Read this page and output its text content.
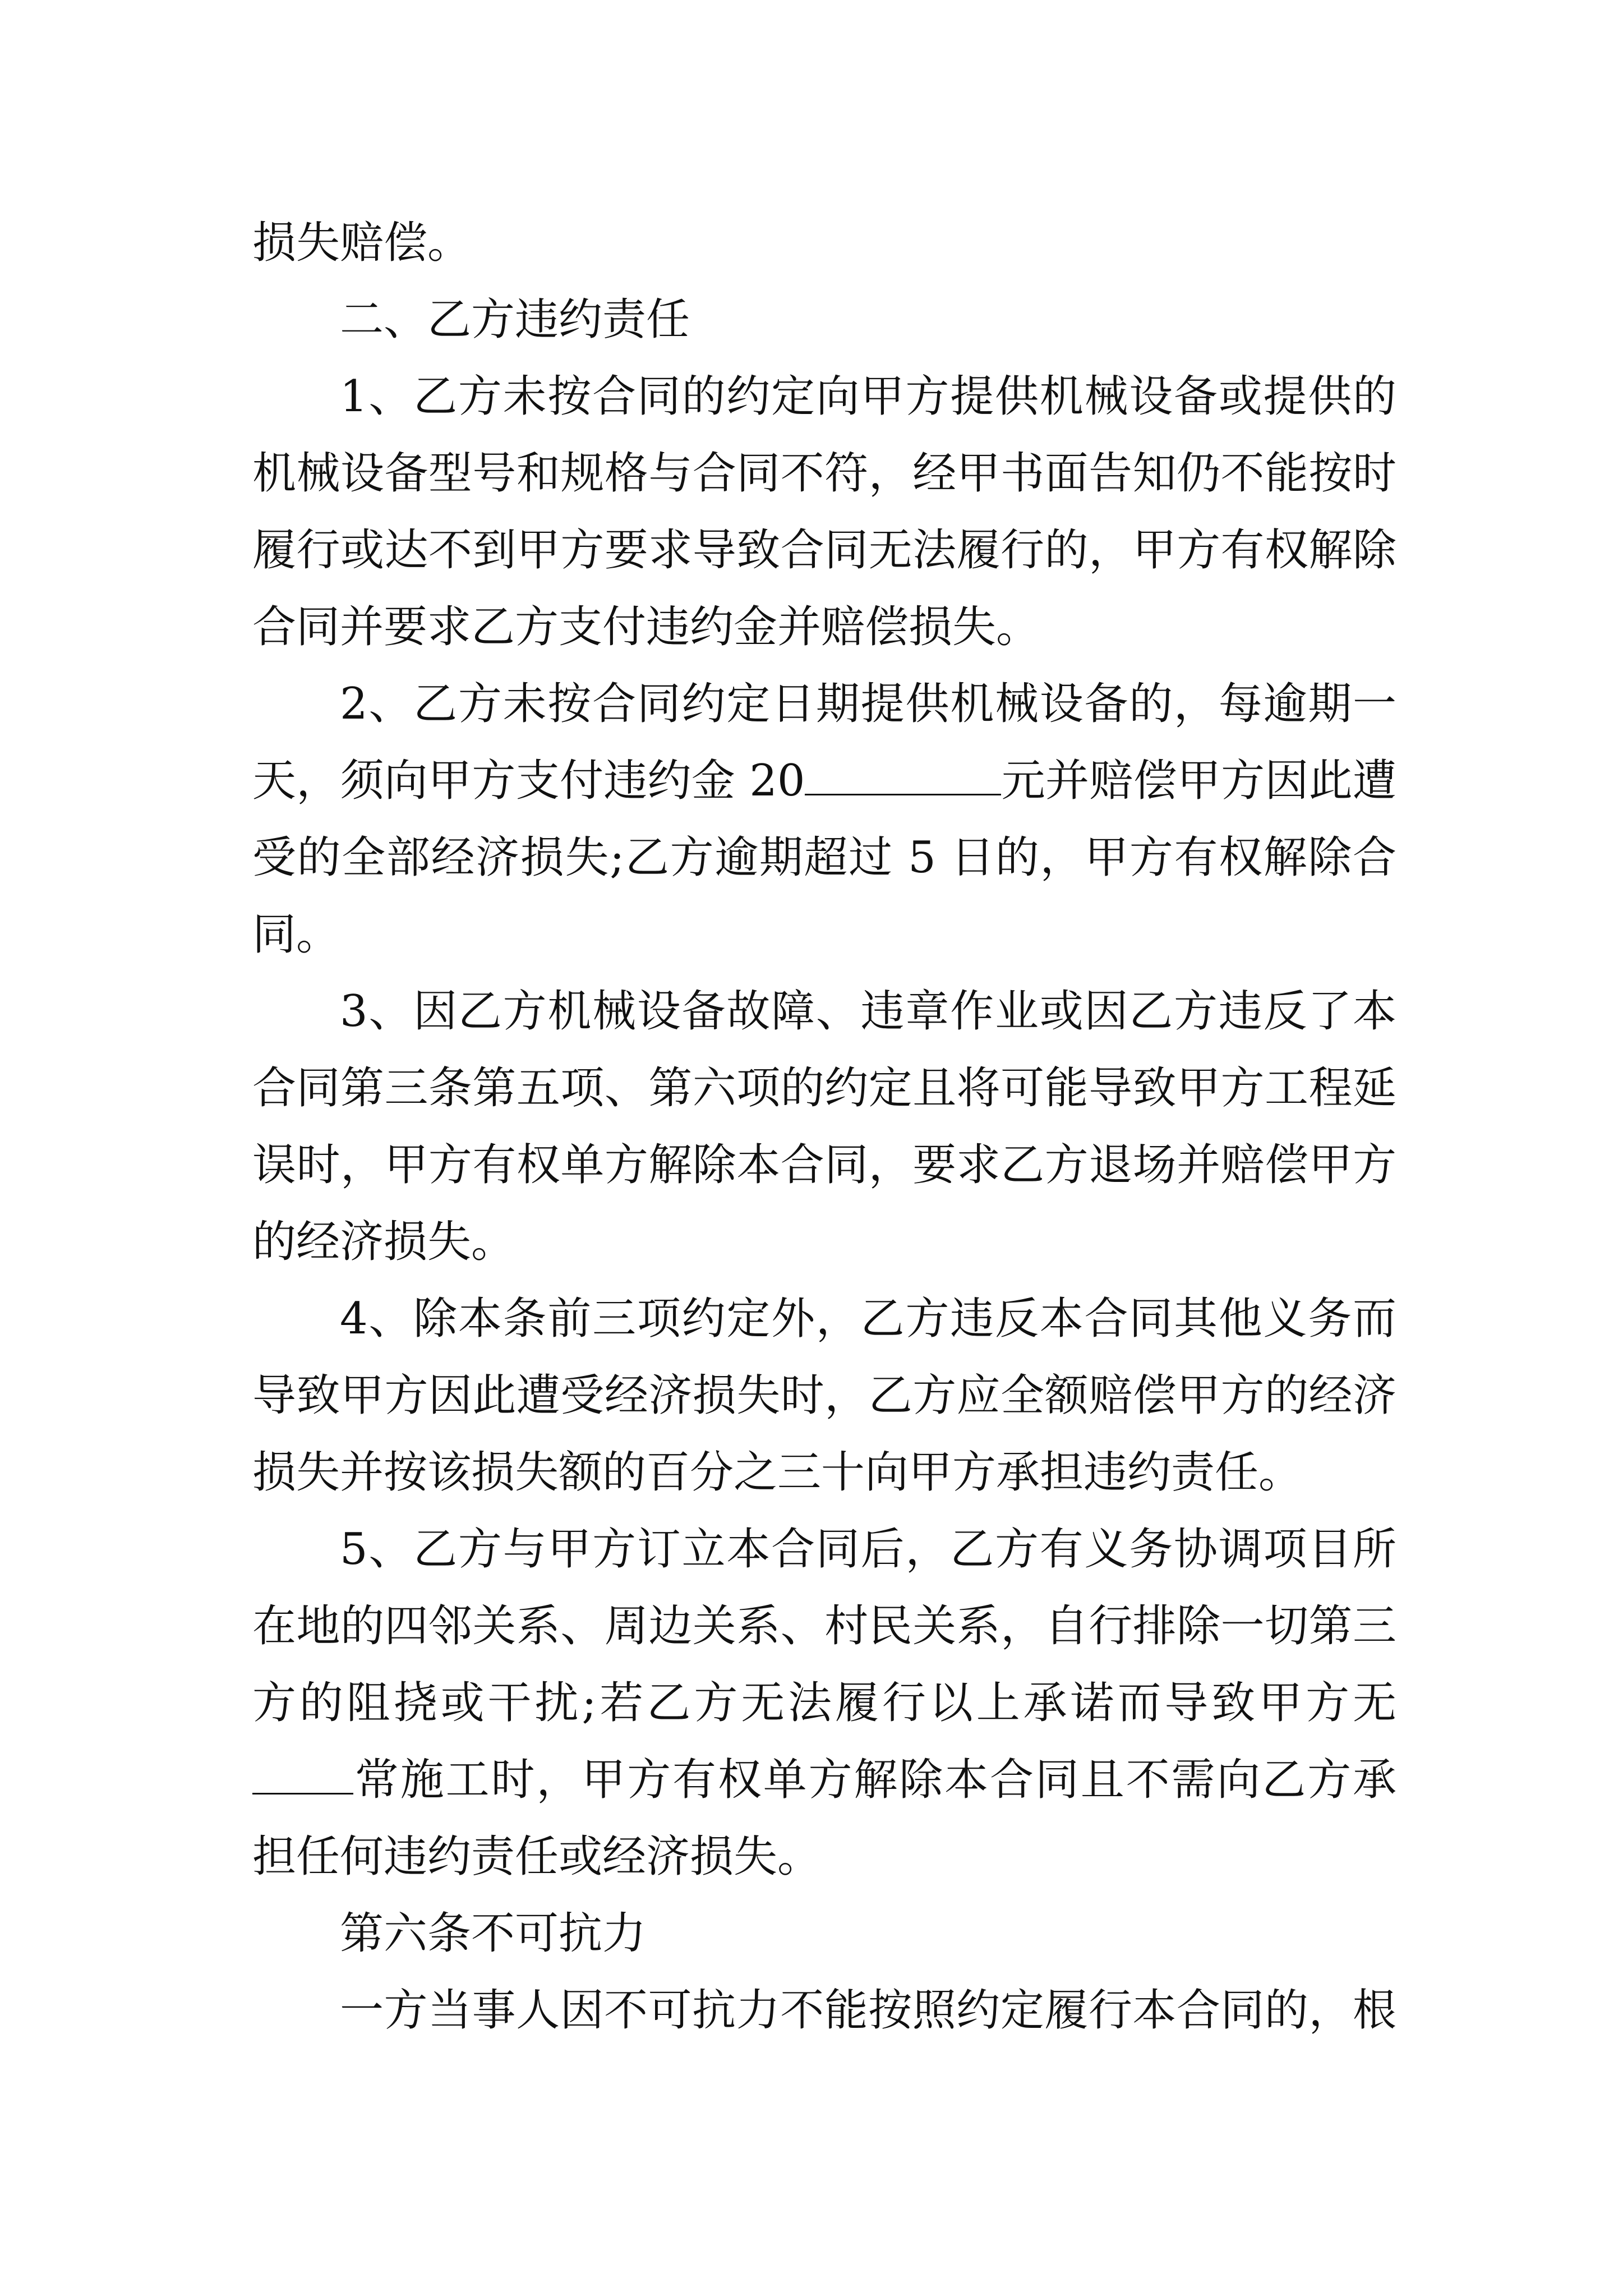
损失赔偿。
二、乙方违约责任
1、乙方未按合同的约定向甲方提供机械设备或提供的
机械设备型号和规格与合同不符，经甲书面告知仍不能按时
履行或达不到甲方要求导致合同无法履行的，甲方有权解除
合同并要求乙方支付违约金并赔偿损失。
2、乙方未按合同约定日期提供机械设备的，每逾期一
天，须向甲方支付违约金 20	元并赔偿甲方因此遭
受的全部经济损失;乙方逾期超过 5 日的，甲方有权解除合
同。
3、因乙方机械设备故障、违章作业或因乙方违反了本
合同第三条第五项、第六项的约定且将可能导致甲方工程延
误时，甲方有权单方解除本合同，要求乙方退场并赔偿甲方
的经济损失。
4、除本条前三项约定外，乙方违反本合同其他义务而
导致甲方因此遭受经济损失时，乙方应全额赔偿甲方的经济
损失并按该损失额的百分之三十向甲方承担违约责任。
5、乙方与甲方订立本合同后，乙方有义务协调项目所
在地的四邻关系、周边关系、村民关系，自行排除一切第三
方的阻挠或干扰;若乙方无法履行以上承诺而导致甲方无
常施工时，甲方有权单方解除本合同且不需向乙方承
担任何违约责任或经济损失。
第六条不可抗力
一方当事人因不可抗力不能按照约定履行本合同的，根
